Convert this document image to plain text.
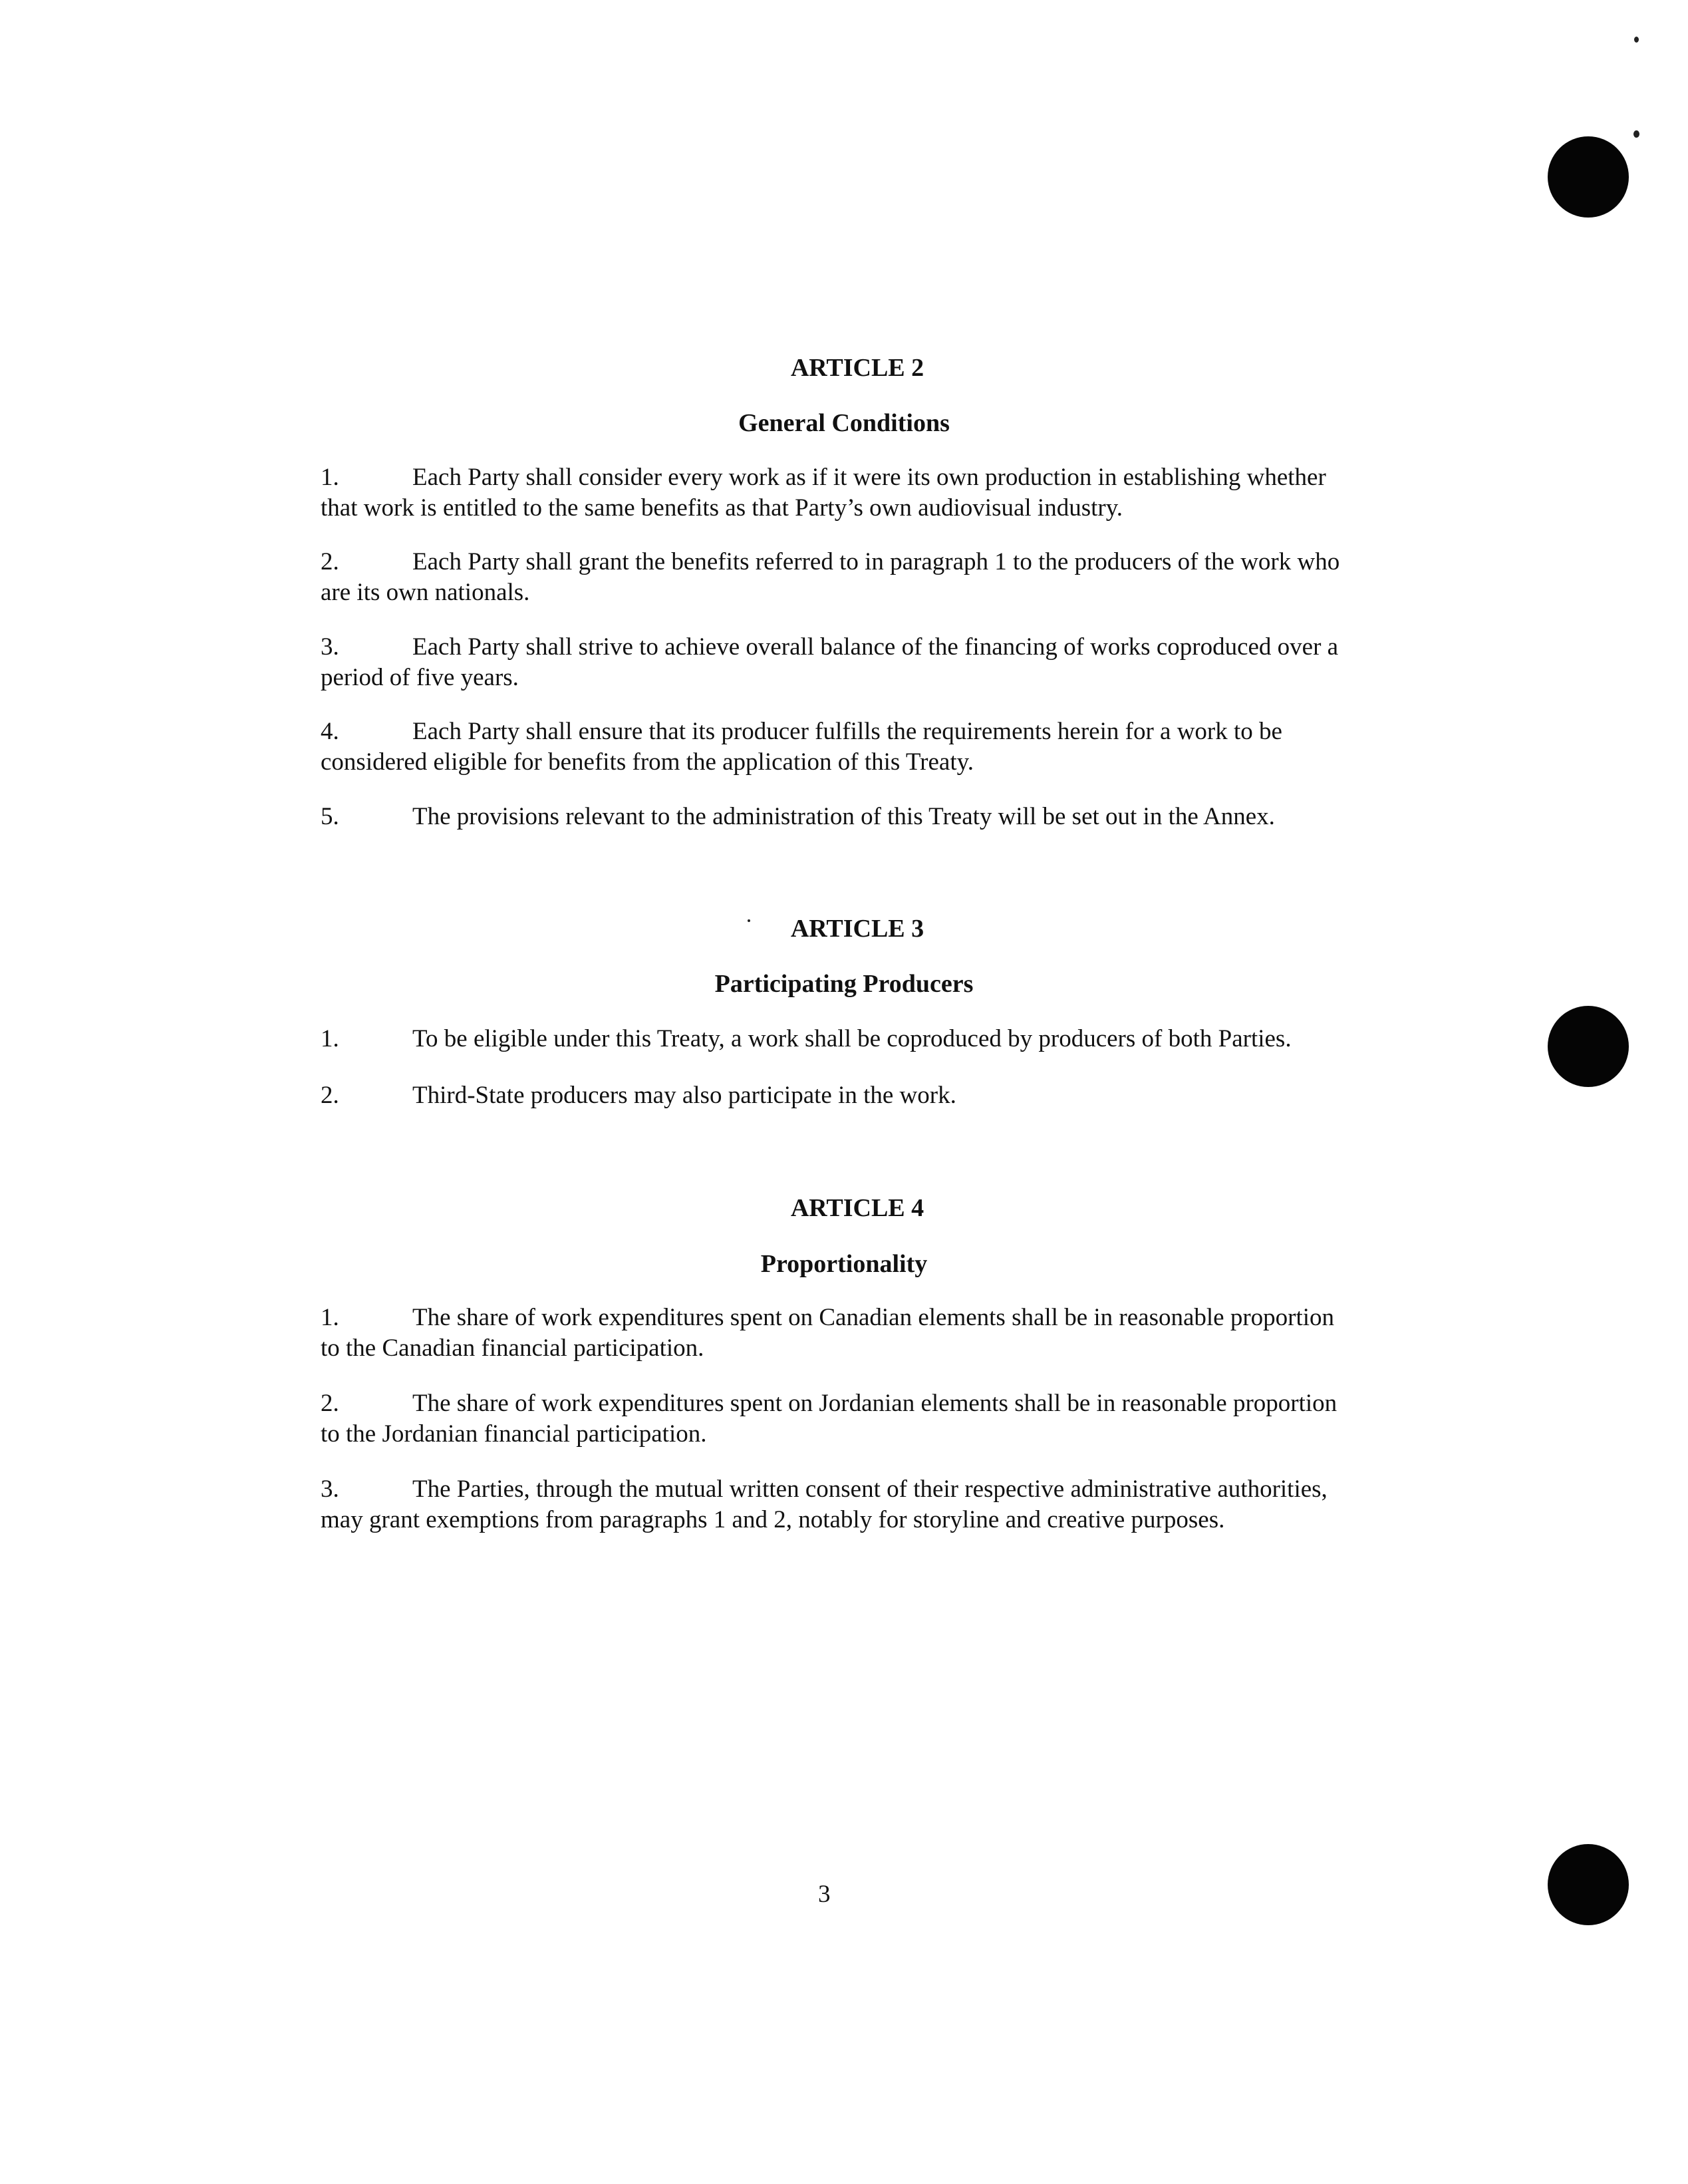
ARTICLE 2
General Conditions

1.	Each Party shall consider every work as if it were its own production in establishing whether that work is entitled to the same benefits as that Party’s own audiovisual industry.

2.	Each Party shall grant the benefits referred to in paragraph 1 to the producers of the work who are its own nationals.

3.	Each Party shall strive to achieve overall balance of the financing of works coproduced over a period of five years.

4.	Each Party shall ensure that its producer fulfills the requirements herein for a work to be considered eligible for benefits from the application of this Treaty.

5.	The provisions relevant to the administration of this Treaty will be set out in the Annex.

ARTICLE 3
Participating Producers

1.	To be eligible under this Treaty, a work shall be coproduced by producers of both Parties.

2.	Third-State producers may also participate in the work.

ARTICLE 4
Proportionality

1.	The share of work expenditures spent on Canadian elements shall be in reasonable proportion to the Canadian financial participation.

2.	The share of work expenditures spent on Jordanian elements shall be in reasonable proportion to the Jordanian financial participation.

3.	The Parties, through the mutual written consent of their respective administrative authorities, may grant exemptions from paragraphs 1 and 2, notably for storyline and creative purposes.

3
